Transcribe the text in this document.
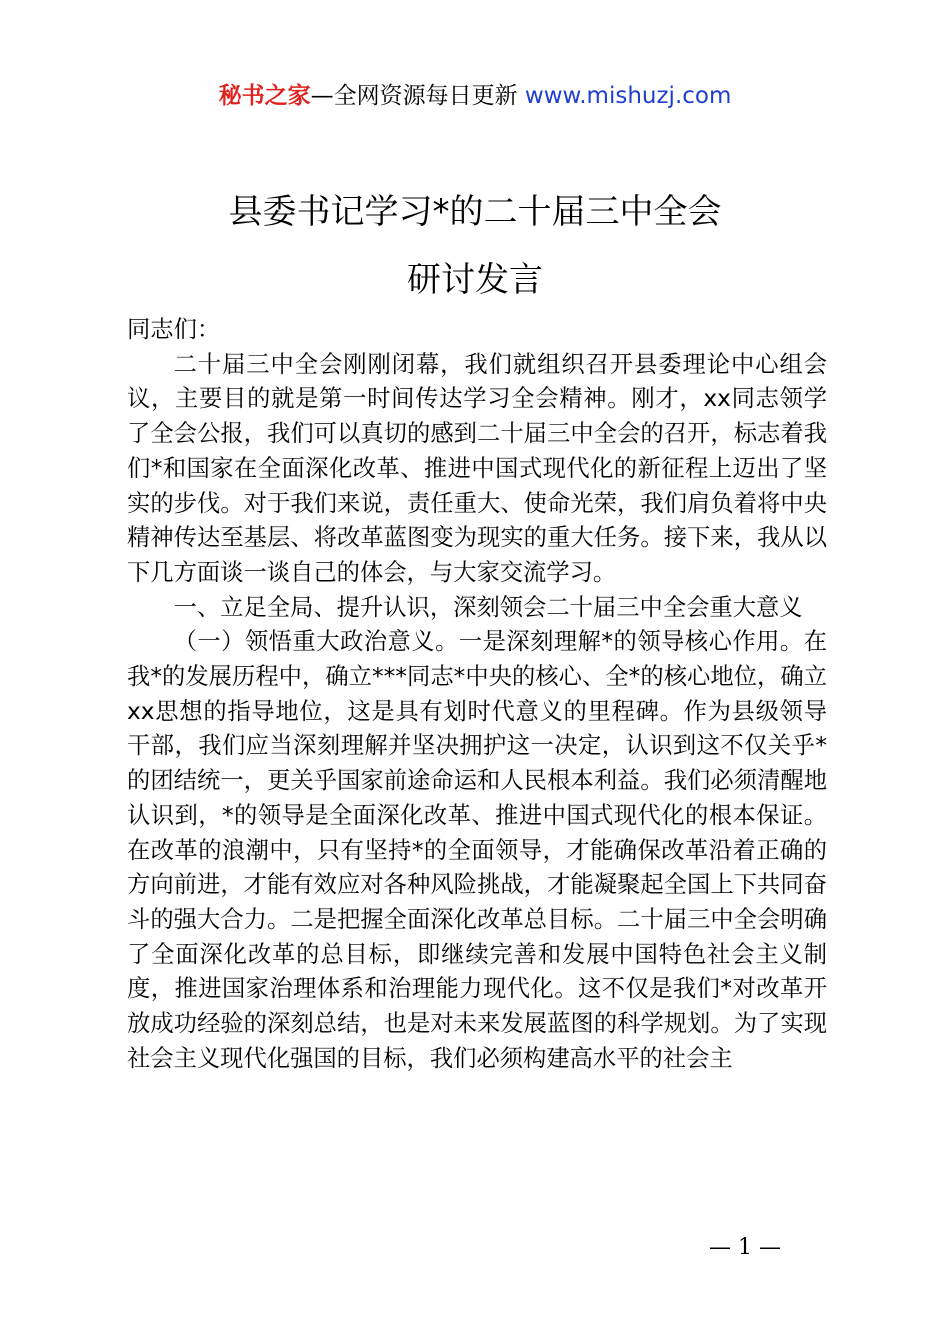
秘书之家—全网资源每日更新 www.mishuzj.com
县委书记学习*的二十届三中全会
研讨发言

同志们：

二十届三中全会刚刚闭幕，我们就组织召开县委理论中心组会议，主要目的就是第一时间传达学习全会精神。刚才，xx同志领学了全会公报，我们可以真切的感到二十届三中全会的召开，标志着我们*和国家在全面深化改革、推进中国式现代化的新征程上迈出了坚实的步伐。对于我们来说，责任重大、使命光荣，我们肩负着将中央精神传达至基层、将改革蓝图变为现实的重大任务。接下来，我从以下几方面谈一谈自己的体会，与大家交流学习。

一、立足全局、提升认识，深刻领会二十届三中全会重大意义

（一）领悟重大政治意义。一是深刻理解*的领导核心作用。在我*的发展历程中，确立***同志*中央的核心、全*的核心地位，确立xx思想的指导地位，这是具有划时代意义的里程碑。作为县级领导干部，我们应当深刻理解并坚决拥护这一决定，认识到这不仅关乎*的团结统一，更关乎国家前途命运和人民根本利益。我们必须清醒地认识到，*的领导是全面深化改革、推进中国式现代化的根本保证。在改革的浪潮中，只有坚持*的全面领导，才能确保改革沿着正确的方向前进，才能有效应对各种风险挑战，才能凝聚起全国上下共同奋斗的强大合力。二是把握全面深化改革总目标。二十届三中全会明确了全面深化改革的总目标，即继续完善和发展中国特色社会主义制度，推进国家治理体系和治理能力现代化。这不仅是我们*对改革开放成功经验的深刻总结，也是对未来发展蓝图的科学规划。为了实现社会主义现代化强国的目标，我们必须构建高水平的社会主

— 1 —
